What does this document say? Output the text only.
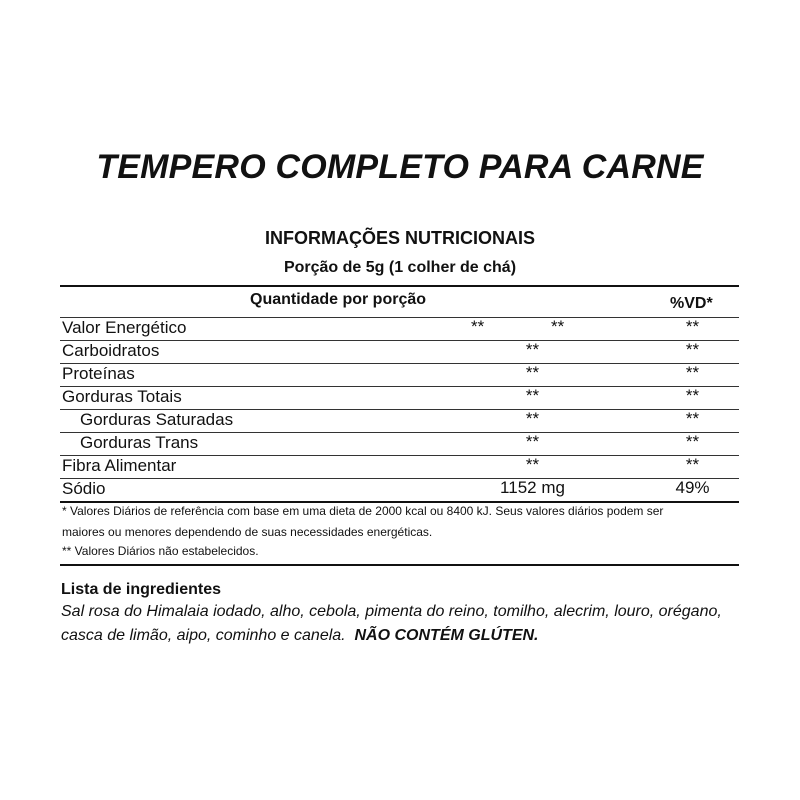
TEMPERO COMPLETO PARA CARNE
INFORMAÇÕES NUTRICIONAIS
Porção de 5g (1 colher de chá)
Quantidade por porção	%VD*
Valor Energético	**	**	**
Carboidratos	**	**
Proteínas	**	**
Gorduras Totais	**	**
Gorduras Saturadas	**	**
Gorduras Trans	**	**
Fibra Alimentar	**	**
Sódio	1152 mg	49%
* Valores Diários de referência com base em uma dieta de 2000 kcal ou 8400 kJ. Seus valores diários podem ser
maiores ou menores dependendo de suas necessidades energéticas.
** Valores Diários não estabelecidos.
Lista de ingredientes
Sal rosa do Himalaia iodado, alho, cebola, pimenta do reino, tomilho, alecrim, louro, orégano, casca de limão, aipo, cominho e canela. NÃO CONTÉM GLÚTEN.
